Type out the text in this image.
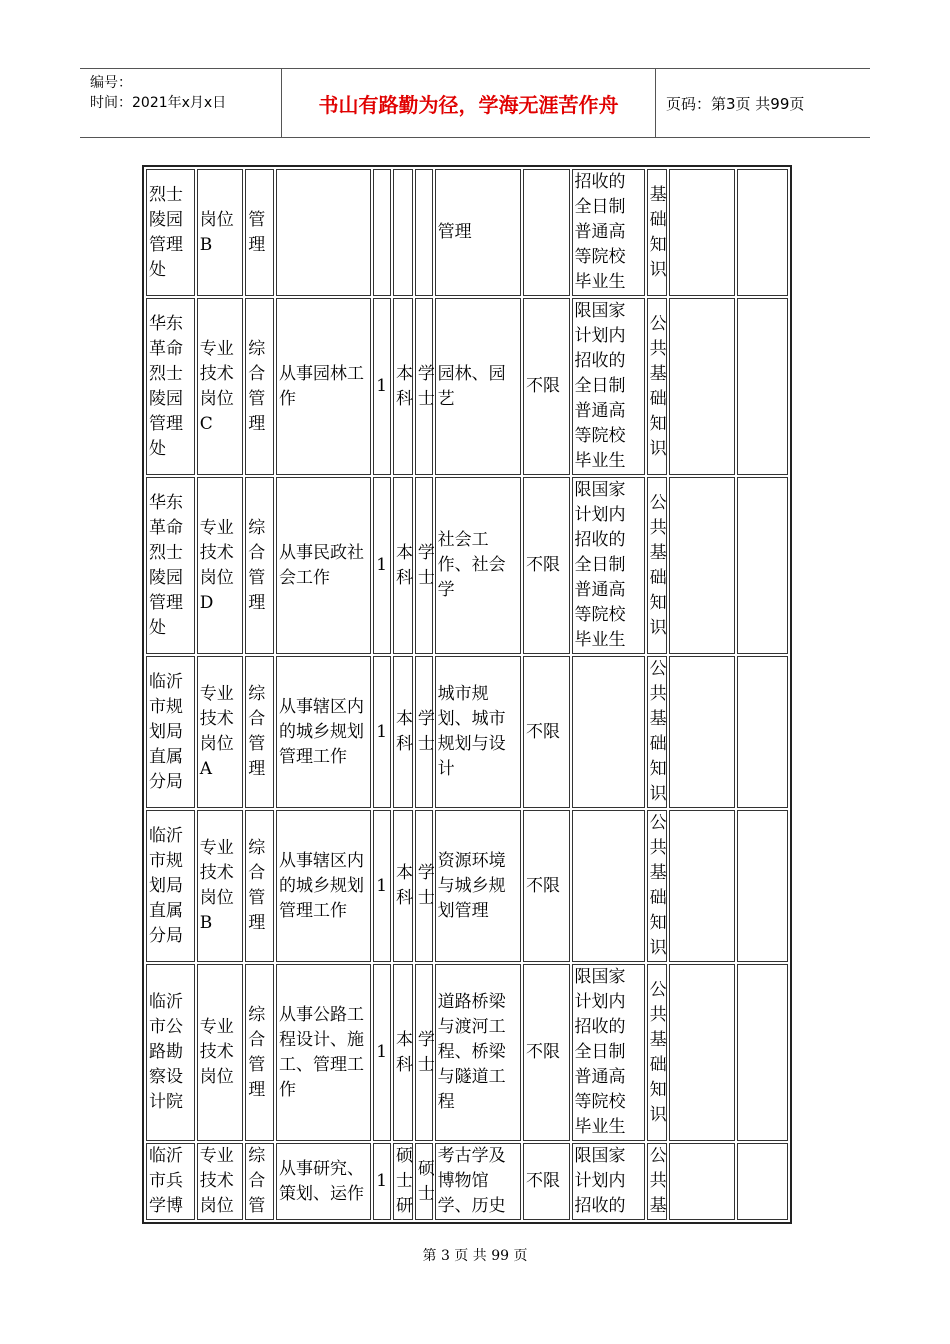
编号：
时间：2021年x月x日	书山有路勤为径，学海无涯苦作舟	页码：第3页 共99页
烈士陵园管理处	岗位B	管理					管理		招收的全日制普通高等院校毕业生	基础知识		
华东革命烈士陵园管理处	专业技术岗位C	综合管理	从事园林工作	1	本科	学士	园林、园艺	不限	限国家计划内招收的全日制普通高等院校毕业生	公共基础知识		
华东革命烈士陵园管理处	专业技术岗位D	综合管理	从事民政社会工作	1	本科	学士	社会工作、社会学	不限	限国家计划内招收的全日制普通高等院校毕业生	公共基础知识		
临沂市规划局直属分局	专业技术岗位A	综合管理	从事辖区内的城乡规划管理工作	1	本科	学士	城市规划、城市规划与设计	不限		公共基础知识		
临沂市规划局直属分局	专业技术岗位B	综合管理	从事辖区内的城乡规划管理工作	1	本科	学士	资源环境与城乡规划管理	不限		公共基础知识		
临沂市公路勘察设计院	专业技术岗位	综合管理	从事公路工程设计、施工、管理工作	1	本科	学士	道路桥梁与渡河工程、桥梁与隧道工程	不限	限国家计划内招收的全日制普通高等院校毕业生	公共基础知识		
临沂市兵学博	专业技术岗位	综合管	从事研究、策划、运作	1	硕士研	硕士	考古学及博物馆学、历史	不限	限国家计划内招收的	公共基		
第 3 页 共 99 页
